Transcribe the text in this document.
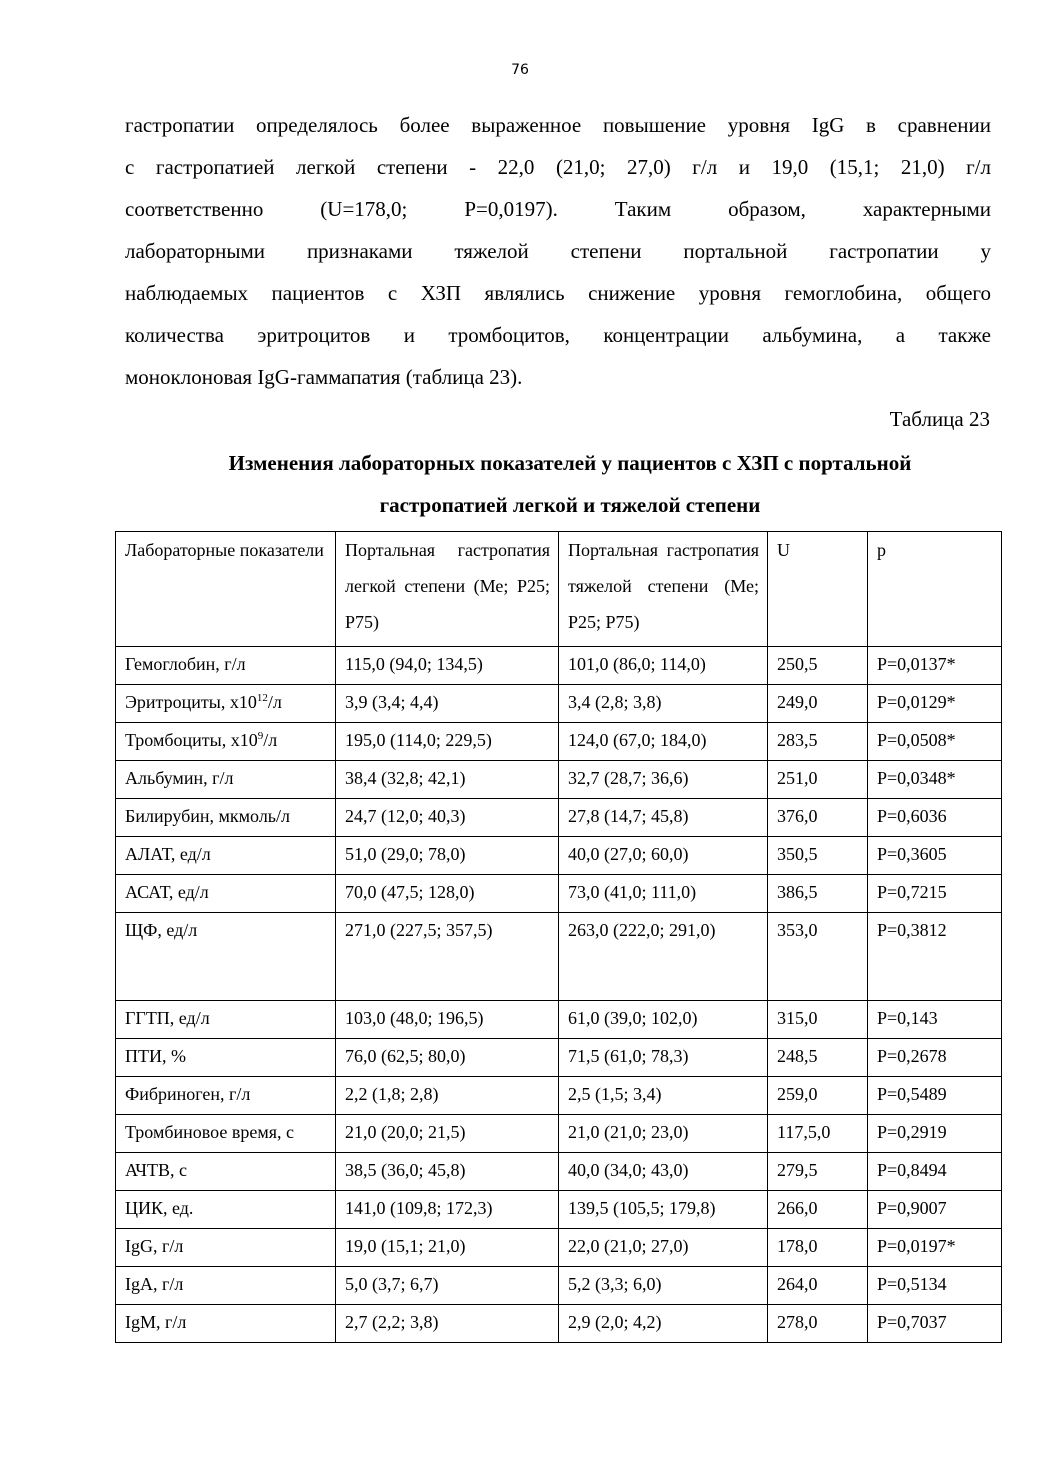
76
гастропатии определялось более выраженное повышение уровня IgG в сравнении
с гастропатией легкой степени - 22,0 (21,0; 27,0) г/л и 19,0 (15,1; 21,0) г/л
соответственно (U=178,0; P=0,0197). Таким образом, характерными
лабораторными признаками тяжелой степени портальной гастропатии у
наблюдаемых пациентов с ХЗП являлись снижение уровня гемоглобина, общего
количества эритроцитов и тромбоцитов, концентрации альбумина, а также
моноклоновая IgG-гаммапатия (таблица 23).
Таблица 23
Изменения лабораторных показателей у пациентов с ХЗП с портальной
гастропатией легкой и тяжелой степени
Лабораторные показатели	Портальная гастропатия легкой степени (Ме; Р25; Р75)	Портальная гастропатия тяжелой степени (Ме; Р25; Р75)	U	р
Гемоглобин, г/л	115,0 (94,0; 134,5)	101,0 (86,0; 114,0)	250,5	P=0,0137*
Эритроциты, $x10^{12}/л$	3,9 (3,4; 4,4)	3,4 (2,8; 3,8)	249,0	P=0,0129*
Тромбоциты, $x10^9/л$	195,0 (114,0; 229,5)	124,0 (67,0; 184,0)	283,5	P=0,0508*
Альбумин, г/л	38,4 (32,8; 42,1)	32,7 (28,7; 36,6)	251,0	P=0,0348*
Билирубин, мкмоль/л	24,7 (12,0; 40,3)	27,8 (14,7; 45,8)	376,0	P=0,6036
АЛАТ, ед/л	51,0 (29,0; 78,0)	40,0 (27,0; 60,0)	350,5	P=0,3605
АСАТ, ед/л	70,0 (47,5; 128,0)	73,0 (41,0; 111,0)	386,5	P=0,7215
ЩФ, ед/л	271,0 (227,5; 357,5)	263,0 (222,0; 291,0)	353,0	P=0,3812
ГГТП, ед/л	103,0 (48,0; 196,5)	61,0 (39,0; 102,0)	315,0	P=0,143
ПТИ, %	76,0 (62,5; 80,0)	71,5 (61,0; 78,3)	248,5	P=0,2678
Фибриноген, г/л	2,2 (1,8; 2,8)	2,5 (1,5; 3,4)	259,0	P=0,5489
Тромбиновое время, с	21,0 (20,0; 21,5)	21,0 (21,0; 23,0)	117,5,0	P=0,2919
АЧТВ, с	38,5 (36,0; 45,8)	40,0 (34,0; 43,0)	279,5	P=0,8494
ЦИК, ед.	141,0 (109,8; 172,3)	139,5 (105,5; 179,8)	266,0	P=0,9007
IgG, г/л	19,0 (15,1; 21,0)	22,0 (21,0; 27,0)	178,0	P=0,0197*
IgA, г/л	5,0 (3,7; 6,7)	5,2 (3,3; 6,0)	264,0	P=0,5134
IgM, г/л	2,7 (2,2; 3,8)	2,9 (2,0; 4,2)	278,0	P=0,7037
